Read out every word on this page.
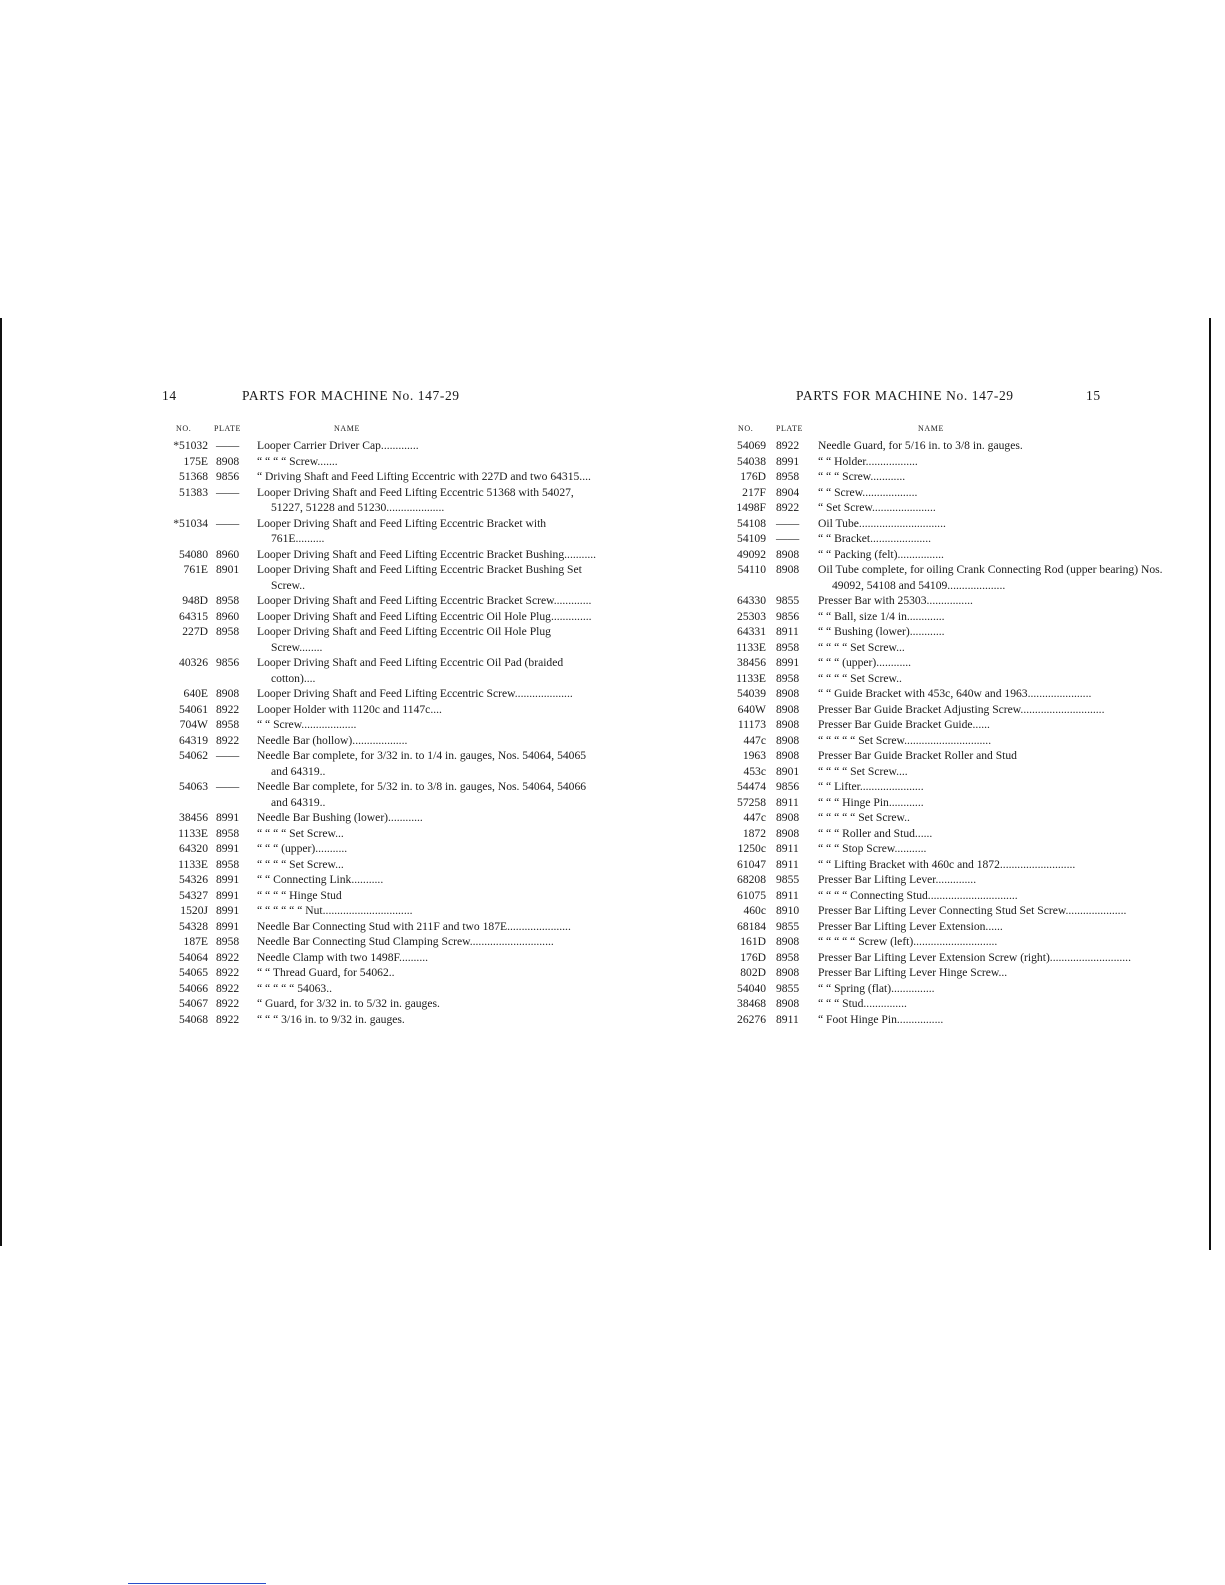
14	PARTS FOR MACHINE No. 147-29
NO.	PLATE	NAME
*51032 ——	Looper Carrier Driver Cap.............
175E 8908	“ “ “ “ Screw.......
51368 9856	“ Driving Shaft and Feed Lifting Eccentric with 227D and two 64315....
51383 ——	Looper Driving Shaft and Feed Lifting Eccentric 51368 with 54027, 51227, 51228 and 51230....................
*51034 ——	Looper Driving Shaft and Feed Lifting Eccentric Bracket with 761E..........
54080 8960	Looper Driving Shaft and Feed Lifting Eccentric Bracket Bushing...........
761E 8901	Looper Driving Shaft and Feed Lifting Eccentric Bracket Bushing Set Screw..
948D 8958	Looper Driving Shaft and Feed Lifting Eccentric Bracket Screw.............
64315 8960	Looper Driving Shaft and Feed Lifting Eccentric Oil Hole Plug..............
227D 8958	Looper Driving Shaft and Feed Lifting Eccentric Oil Hole Plug Screw........
40326 9856	Looper Driving Shaft and Feed Lifting Eccentric Oil Pad (braided cotton)....
640E 8908	Looper Driving Shaft and Feed Lifting Eccentric Screw....................
54061 8922	Looper Holder with 1120c and 1147c....
704W 8958	“ “ Screw...................
64319 8922	Needle Bar (hollow)...................
54062 ——	Needle Bar complete, for 3/32 in. to 1/4 in. gauges, Nos. 54064, 54065 and 64319..
54063 ——	Needle Bar complete, for 5/32 in. to 3/8 in. gauges, Nos. 54064, 54066 and 64319..
38456 8991	Needle Bar Bushing (lower)............
1133E 8958	“ “ “ “ Set Screw...
64320 8991	“ “ “ (upper)...........
1133E 8958	“ “ “ “ Set Screw...
54326 8991	“ “ Connecting Link...........
54327 8991	“ “ “ “ Hinge Stud
1520J 8991	“ “ “ “ “ “ Nut...............................
54328 8991	Needle Bar Connecting Stud with 211F and two 187E......................
187E 8958	Needle Bar Connecting Stud Clamping Screw.............................
54064 8922	Needle Clamp with two 1498F..........
54065 8922	“ “ Thread Guard, for 54062..
54066 8922	“ “ “ “ “ 54063..
54067 8922	“ Guard, for 3/32 in. to 5/32 in. gauges.
54068 8922	“ “ “ 3/16 in. to 9/32 in. gauges.
PARTS FOR MACHINE No. 147-29	15
NO.	PLATE	NAME
54069 8922	Needle Guard, for 5/16 in. to 3/8 in. gauges.
54038 8991	“ “ Holder..................
176D 8958	“ “ “ Screw............
217F 8904	“ “ Screw...................
1498F 8922	“ Set Screw......................
54108 ——	Oil Tube..............................
54109 ——	“ “ Bracket.....................
49092 8908	“ “ Packing (felt)................
54110 8908	Oil Tube complete, for oiling Crank Connecting Rod (upper bearing) Nos. 49092, 54108 and 54109....................
64330 9855	Presser Bar with 25303................
25303 9856	“ “ Ball, size 1/4 in.............
64331 8911	“ “ Bushing (lower)............
1133E 8958	“ “ “ “ Set Screw...
38456 8991	“ “ “ (upper)............
1133E 8958	“ “ “ “ Set Screw..
54039 8908	“ “ Guide Bracket with 453c, 640w and 1963......................
640W 8908	Presser Bar Guide Bracket Adjusting Screw.............................
11173 8908	Presser Bar Guide Bracket Guide......
447c 8908	“ “ “ “ “ Set Screw..............................
1963 8908	Presser Bar Guide Bracket Roller and Stud
453c 8901	“ “ “ “ Set Screw....
54474 9856	“ “ Lifter......................
57258 8911	“ “ “ Hinge Pin............
447c 8908	“ “ “ “ “ Set Screw..
1872 8908	“ “ “ Roller and Stud......
1250c 8911	“ “ “ Stop Screw...........
61047 8911	“ “ Lifting Bracket with 460c and 1872..........................
68208 9855	Presser Bar Lifting Lever..............
61075 8911	“ “ “ “ Connecting Stud...............................
460c 8910	Presser Bar Lifting Lever Connecting Stud Set Screw.....................
68184 9855	Presser Bar Lifting Lever Extension......
161D 8908	“ “ “ “ “ Screw (left).............................
176D 8958	Presser Bar Lifting Lever Extension Screw (right)............................
802D 8908	Presser Bar Lifting Lever Hinge Screw...
54040 9855	“ “ Spring (flat)...............
38468 8908	“ “ “ Stud...............
26276 8911	“ Foot Hinge Pin................
